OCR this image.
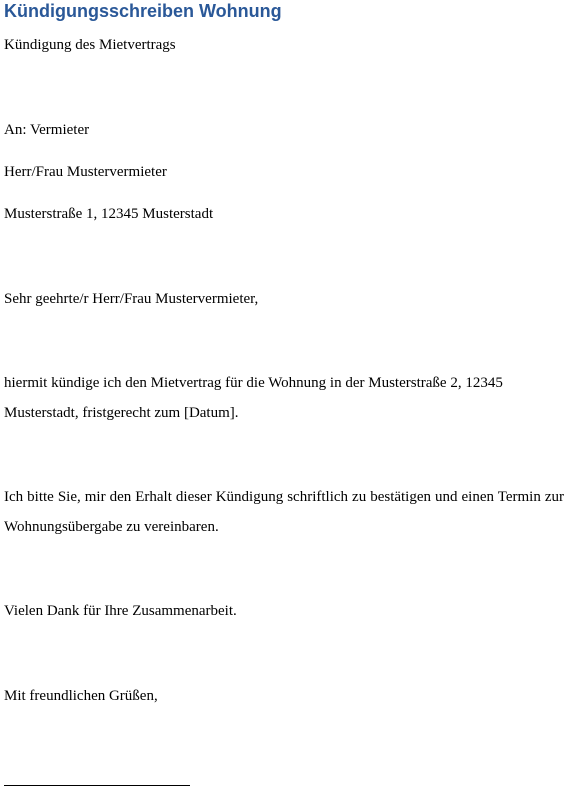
Kündigungsschreiben Wohnung
Kündigung des Mietvertrags
An: Vermieter
Herr/Frau Mustervermieter
Musterstraße 1, 12345 Musterstadt
Sehr geehrte/r Herr/Frau Mustervermieter,
hiermit kündige ich den Mietvertrag für die Wohnung in der Musterstraße 2, 12345
Musterstadt, fristgerecht zum [Datum].
Ich bitte Sie, mir den Erhalt dieser Kündigung schriftlich zu bestätigen und einen Termin zur
Wohnungsübergabe zu vereinbaren.
Vielen Dank für Ihre Zusammenarbeit.
Mit freundlichen Grüßen,
